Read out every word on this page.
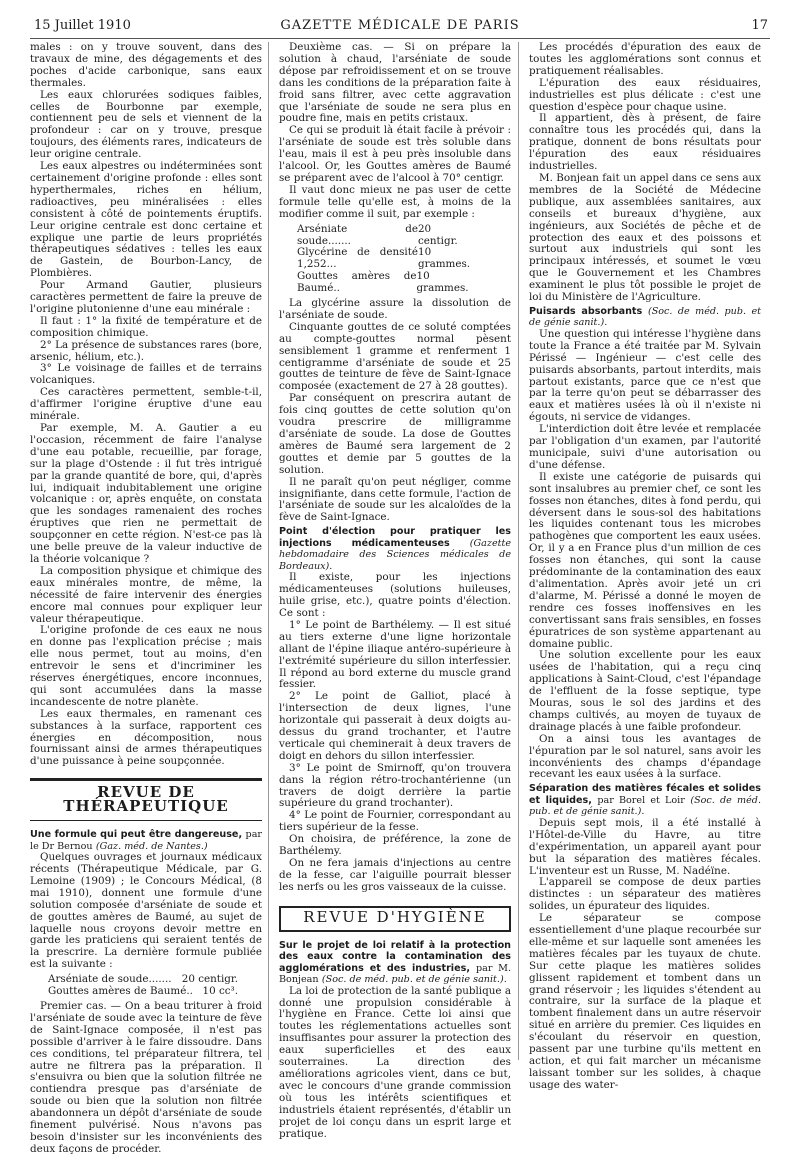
15 Juillet 1910	GAZETTE MÉDICALE DE PARIS	17

males : on y trouve souvent, dans des travaux de mine, des dégagements et des poches d'acide carbonique, sans eaux thermales.

Les eaux chlorurées sodiques faibles, celles de Bourbonne par exemple, contiennent peu de sels et viennent de la profondeur : car on y trouve, presque toujours, des éléments rares, indicateurs de leur origine centrale.

Les eaux alpestres ou indéterminées sont certainement d'origine profonde : elles sont hyperthermales, riches en hélium, radioactives, peu minéralisées : elles consistent à côté de pointements éruptifs. Leur origine centrale est donc certaine et explique une partie de leurs propriétés thérapeutiques sédatives : telles les eaux de Gastein, de Bourbon-Lancy, de Plombières.

Pour Armand Gautier, plusieurs caractères permettent de faire la preuve de l'origine plutonienne d'une eau minérale :

Il faut : 1° la fixité de température et de composition chimique.

2° La présence de substances rares (bore, arsenic, hélium, etc.).

3° Le voisinage de failles et de terrains volcaniques.

Ces caractères permettent, semble-t-il, d'affirmer l'origine éruptive d'une eau minérale.

Par exemple, M. A. Gautier a eu l'occasion, récemment de faire l'analyse d'une eau potable, recueillie, par forage, sur la plage d'Ostende : il fut très intrigué par la grande quantité de bore, qui, d'après lui, indiquait indubitablement une origine volcanique : or, après enquête, on constata que les sondages ramenaient des roches éruptives que rien ne permettait de soupçonner en cette région. N'est-ce pas là une belle preuve de la valeur inductive de la théorie volcanique ?

La composition physique et chimique des eaux minérales montre, de même, la nécessité de faire intervenir des énergies encore mal connues pour expliquer leur valeur thérapeutique.

L'origine profonde de ces eaux ne nous en donne pas l'explication précise ; mais elle nous permet, tout au moins, d'en entrevoir le sens et d'incriminer les réserves énergétiques, encore inconnues, qui sont accumulées dans la masse incandescente de notre planète.

Les eaux thermales, en ramenant ces substances à la surface, rapportent ces énergies en décomposition, nous fournissant ainsi de armes thérapeutiques d'une puissance à peine soupçonnée.

REVUE DE THÉRAPEUTIQUE

Une formule qui peut être dangereuse, par le Dr Bernou (Gaz. méd. de Nantes.)

Quelques ouvrages et journaux médicaux récents (Thérapeutique Médicale, par G. Lemoine (1909) ; le Concours Médical, (8 mai 1910), donnent une formule d'une solution composée d'arséniate de soude et de gouttes amères de Baumé, au sujet de laquelle nous croyons devoir mettre en garde les praticiens qui seraient tentés de la prescrire. La dernière formule publiée est la suivante :

Arséniate de soude....... 20 centigr.
Gouttes amères de Baumé.. 10 cc³.

Premier cas. — On a beau triturer à froid l'arséniate de soude avec la teinture de fève de Saint-Ignace composée, il n'est pas possible d'arriver à le faire dissoudre. Dans ces conditions, tel préparateur filtrera, tel autre ne filtrera pas la préparation. Il s'ensuivra ou bien que la solution filtrée ne contiendra presque pas d'arséniate de soude ou bien que la solution non filtrée abandonnera un dépôt d'arséniate de soude finement pulvérisé. Nous n'avons pas besoin d'insister sur les inconvénients des deux façons de procéder.

Deuxième cas. — Si on prépare la solution à chaud, l'arséniate de soude dépose par refroidissement et on se trouve dans les conditions de la préparation faite à froid sans filtrer, avec cette aggravation que l'arséniate de soude ne sera plus en poudre fine, mais en petits cristaux.

Ce qui se produit là était facile à prévoir : l'arséniate de soude est très soluble dans l'eau, mais il est à peu près insoluble dans l'alcool. Or, les Gouttes amères de Baumé se préparent avec de l'alcool à 70° centigr.

Il vaut donc mieux ne pas user de cette formule telle qu'elle est, à moins de la modifier comme il suit, par exemple :

Arséniate de soude.......
20 centigr.
Glycérine de densité 1,252...
10 grammes.
Gouttes amères de Baumé..
10 grammes.

La glycérine assure la dissolution de l'arséniate de soude.

Cinquante gouttes de ce soluté comptées au compte-gouttes normal pèsent sensiblement 1 gramme et renferment 1 centigramme d'arséniate de soude et 25 gouttes de teinture de fève de Saint-Ignace composée (exactement de 27 à 28 gouttes).

Par conséquent on prescrira autant de fois cinq gouttes de cette solution qu'on voudra prescrire de milligramme d'arséniate de soude. La dose de Gouttes amères de Baumé sera largement de 2 gouttes et demie par 5 gouttes de la solution.

Il ne paraît qu'on peut négliger, comme insignifiante, dans cette formule, l'action de l'arséniate de soude sur les alcaloïdes de la fève de Saint-Ignace.

Point d'élection pour pratiquer les injections médicamenteuses (Gazette hebdomadaire des Sciences médicales de Bordeaux).

Il existe, pour les injections médicamenteuses (solutions huileuses, huile grise, etc.), quatre points d'élection. Ce sont :

1° Le point de Barthélemy. — Il est situé au tiers externe d'une ligne horizontale allant de l'épine iliaque antéro-supérieure à l'extrémité supérieure du sillon interfessier. Il répond au bord externe du muscle grand fessier.

2° Le point de Galliot, placé à l'intersection de deux lignes, l'une horizontale qui passerait à deux doigts au-dessus du grand trochanter, et l'autre verticale qui cheminerait à deux travers de doigt en dehors du sillon interfessier.

3° Le point de Smirnoff, qu'on trouvera dans la région rétro-trochantérienne (un travers de doigt derrière la partie supérieure du grand trochanter).

4° Le point de Fournier, correspondant au tiers supérieur de la fesse.

On choisira, de préférence, la zone de Barthélemy.

On ne fera jamais d'injections au centre de la fesse, car l'aiguille pourrait blesser les nerfs ou les gros vaisseaux de la cuisse.

REVUE D'HYGIÈNE

Sur le projet de loi relatif à la protection des eaux contre la contamination des agglomérations et des industries, par M. Bonjean (Soc. de méd. pub. et de génie sanit.).

La loi de protection de la santé publique a donné une propulsion considérable à l'hygiène en France. Cette loi ainsi que toutes les réglementations actuelles sont insuffisantes pour assurer la protection des eaux superficielles et des eaux souterraines. La direction des améliorations agricoles vient, dans ce but, avec le concours d'une grande commission où tous les intérêts scientifiques et industriels étaient représentés, d'établir un projet de loi conçu dans un esprit large et pratique.

Les procédés d'épuration des eaux de toutes les agglomérations sont connus et pratiquement réalisables.

L'épuration des eaux résiduaires, industrielles est plus délicate : c'est une question d'espèce pour chaque usine.

Il appartient, dès à présent, de faire connaître tous les procédés qui, dans la pratique, donnent de bons résultats pour l'épuration des eaux résiduaires industrielles.

M. Bonjean fait un appel dans ce sens aux membres de la Société de Médecine publique, aux assemblées sanitaires, aux conseils et bureaux d'hygiène, aux ingénieurs, aux Sociétés de pêche et de protection des eaux et des poissons et surtout aux industriels qui sont les principaux intéressés, et soumet le vœu que le Gouvernement et les Chambres examinent le plus tôt possible le projet de loi du Ministère de l'Agriculture.

Puisards absorbants (Soc. de méd. pub. et de génie sanit.).

Une question qui intéresse l'hygiène dans toute la France a été traitée par M. Sylvain Périssé — Ingénieur — c'est celle des puisards absorbants, partout interdits, mais partout existants, parce que ce n'est que par la terre qu'on peut se débarrasser des eaux et matières usées là où il n'existe ni égouts, ni service de vidanges.

L'interdiction doit être levée et remplacée par l'obligation d'un examen, par l'autorité municipale, suivi d'une autorisation ou d'une défense.

Il existe une catégorie de puisards qui sont insalubres au premier chef, ce sont les fosses non étanches, dites à fond perdu, qui déversent dans le sous-sol des habitations les liquides contenant tous les microbes pathogènes que comportent les eaux usées. Or, il y a en France plus d'un million de ces fosses non étanches, qui sont la cause prédominante de la contamination des eaux d'alimentation. Après avoir jeté un cri d'alarme, M. Périssé a donné le moyen de rendre ces fosses inoffensives en les convertissant sans frais sensibles, en fosses épuratrices de son système appartenant au domaine public.

Une solution excellente pour les eaux usées de l'habitation, qui a reçu cinq applications à Saint-Cloud, c'est l'épandage de l'effluent de la fosse septique, type Mouras, sous le sol des jardins et des champs cultivés, au moyen de tuyaux de drainage placés à une faible profondeur.

On a ainsi tous les avantages de l'épuration par le sol naturel, sans avoir les inconvénients des champs d'épandage recevant les eaux usées à la surface.

Séparation des matières fécales et solides et liquides, par Borel et Loir (Soc. de méd. pub. et de génie sanit.).

Depuis sept mois, il a été installé à l'Hôtel-de-Ville du Havre, au titre d'expérimentation, un appareil ayant pour but la séparation des matières fécales. L'inventeur est un Russe, M. Nadéïne.

L'appareil se compose de deux parties distinctes : un séparateur des matières solides, un épurateur des liquides.

Le séparateur se compose essentiellement d'une plaque recourbée sur elle-même et sur laquelle sont amenées les matières fécales par les tuyaux de chute. Sur cette plaque les matières solides glissent rapidement et tombent dans un grand réservoir ; les liquides s'étendent au contraire, sur la surface de la plaque et tombent finalement dans un autre réservoir situé en arrière du premier. Ces liquides en s'écoulant du réservoir en question, passent par une turbine qu'ils mettent en action, et qui fait marcher un mécanisme laissant tomber sur les solides, à chaque usage des water-
